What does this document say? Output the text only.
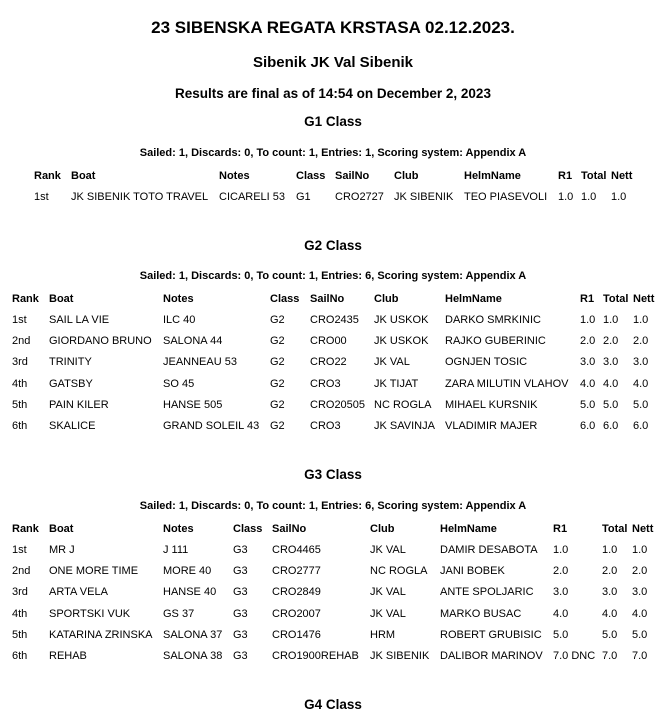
23 SIBENSKA REGATA KRSTASA 02.12.2023.
Sibenik JK Val Sibenik
Results are final as of 14:54 on December 2, 2023
G1 Class
Sailed: 1, Discards: 0, To count: 1, Entries: 1, Scoring system: Appendix A
Rank	Boat	Notes	Class	SailNo	Club	HelmName	R1	Total	Nett
1st	JK SIBENIK TOTO TRAVEL	CICARELI 53	G1	CRO2727	JK SIBENIK	TEO PIASEVOLI	1.0	1.0	1.0
G2 Class
Sailed: 1, Discards: 0, To count: 1, Entries: 6, Scoring system: Appendix A
Rank	Boat	Notes	Class	SailNo	Club	HelmName	R1	Total	Nett
1st	SAIL LA VIE	ILC 40	G2	CRO2435	JK USKOK	DARKO SMRKINIC	1.0	1.0	1.0
2nd	GIORDANO BRUNO	SALONA 44	G2	CRO00	JK USKOK	RAJKO GUBERINIC	2.0	2.0	2.0
3rd	TRINITY	JEANNEAU 53	G2	CRO22	JK VAL	OGNJEN TOSIC	3.0	3.0	3.0
4th	GATSBY	SO 45	G2	CRO3	JK TIJAT	ZARA MILUTIN VLAHOV	4.0	4.0	4.0
5th	PAIN KILER	HANSE 505	G2	CRO20505	NC ROGLA	MIHAEL KURSNIK	5.0	5.0	5.0
6th	SKALICE	GRAND SOLEIL 43	G2	CRO3	JK SAVINJA	VLADIMIR MAJER	6.0	6.0	6.0
G3 Class
Sailed: 1, Discards: 0, To count: 1, Entries: 6, Scoring system: Appendix A
Rank	Boat	Notes	Class	SailNo	Club	HelmName	R1	Total	Nett
1st	MR J	J 111	G3	CRO4465	JK VAL	DAMIR DESABOTA	1.0	1.0	1.0
2nd	ONE MORE TIME	MORE 40	G3	CRO2777	NC ROGLA	JANI BOBEK	2.0	2.0	2.0
3rd	ARTA VELA	HANSE 40	G3	CRO2849	JK VAL	ANTE SPOLJARIC	3.0	3.0	3.0
4th	SPORTSKI VUK	GS 37	G3	CRO2007	JK VAL	MARKO BUSAC	4.0	4.0	4.0
5th	KATARINA ZRINSKA	SALONA 37	G3	CRO1476	HRM	ROBERT GRUBISIC	5.0	5.0	5.0
6th	REHAB	SALONA 38	G3	CRO1900REHAB	JK SIBENIK	DALIBOR MARINOV	7.0 DNC	7.0	7.0
G4 Class
